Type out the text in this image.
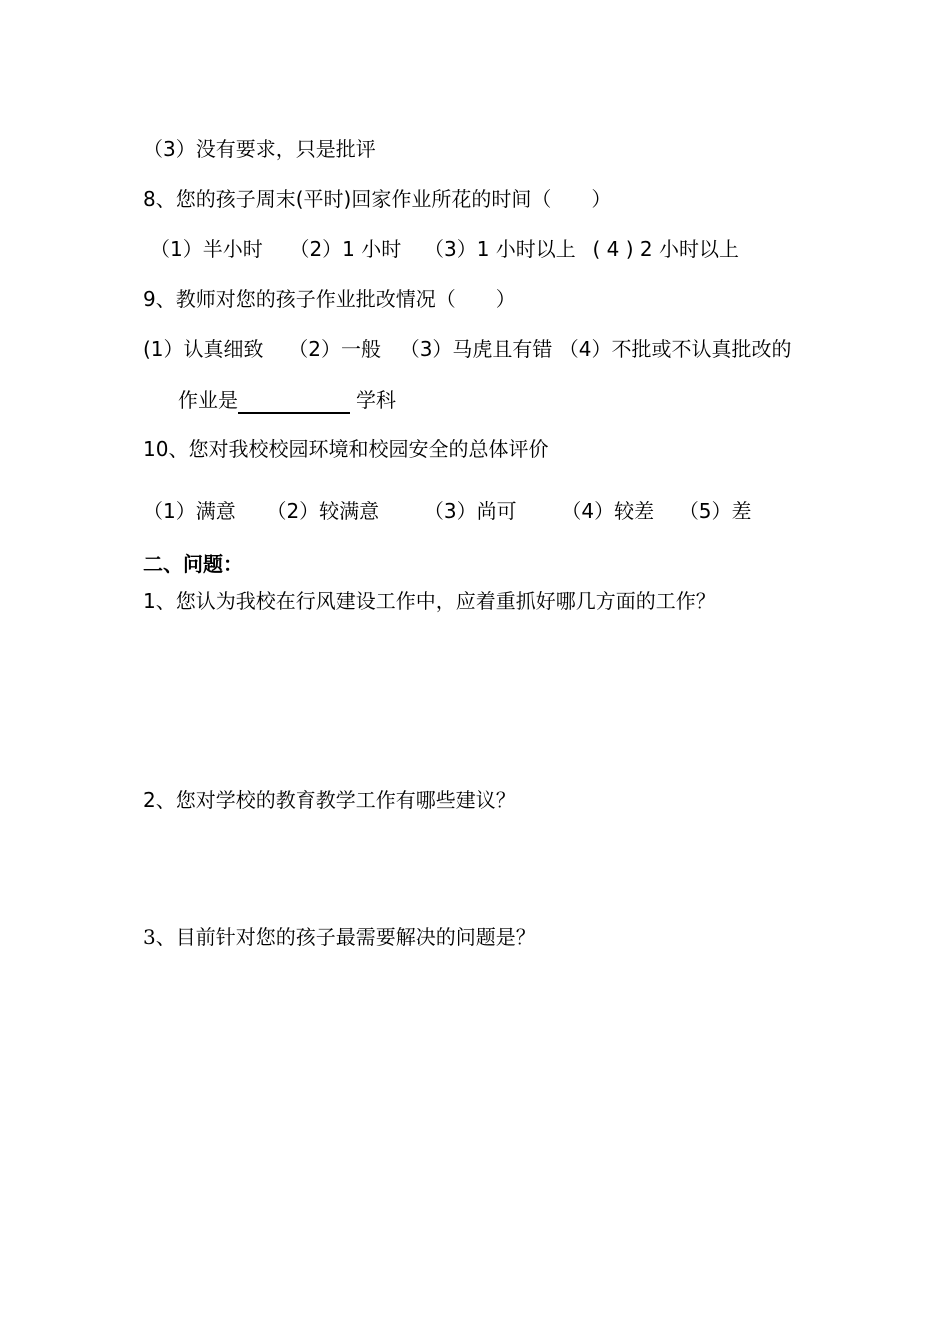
（3）没有要求，只是批评
8、您的孩子周末(平时)回家作业所花的时间（　　）
（1）半小时 （2）1 小时 （3）1 小时以上 ( 4 ) 2 小时以上
9、教师对您的孩子作业批改情况（　　）
(1）认真细致 （2）一般 （3）马虎且有错 （4）不批或不认真批改的
作业是	学科
10、您对我校校园环境和校园安全的总体评价
（1）满意 （2）较满意 （3）尚可 （4）较差 （5）差
二、问题：
1、您认为我校在行风建设工作中，应着重抓好哪几方面的工作？
2、您对学校的教育教学工作有哪些建议？
3、目前针对您的孩子最需要解决的问题是？
